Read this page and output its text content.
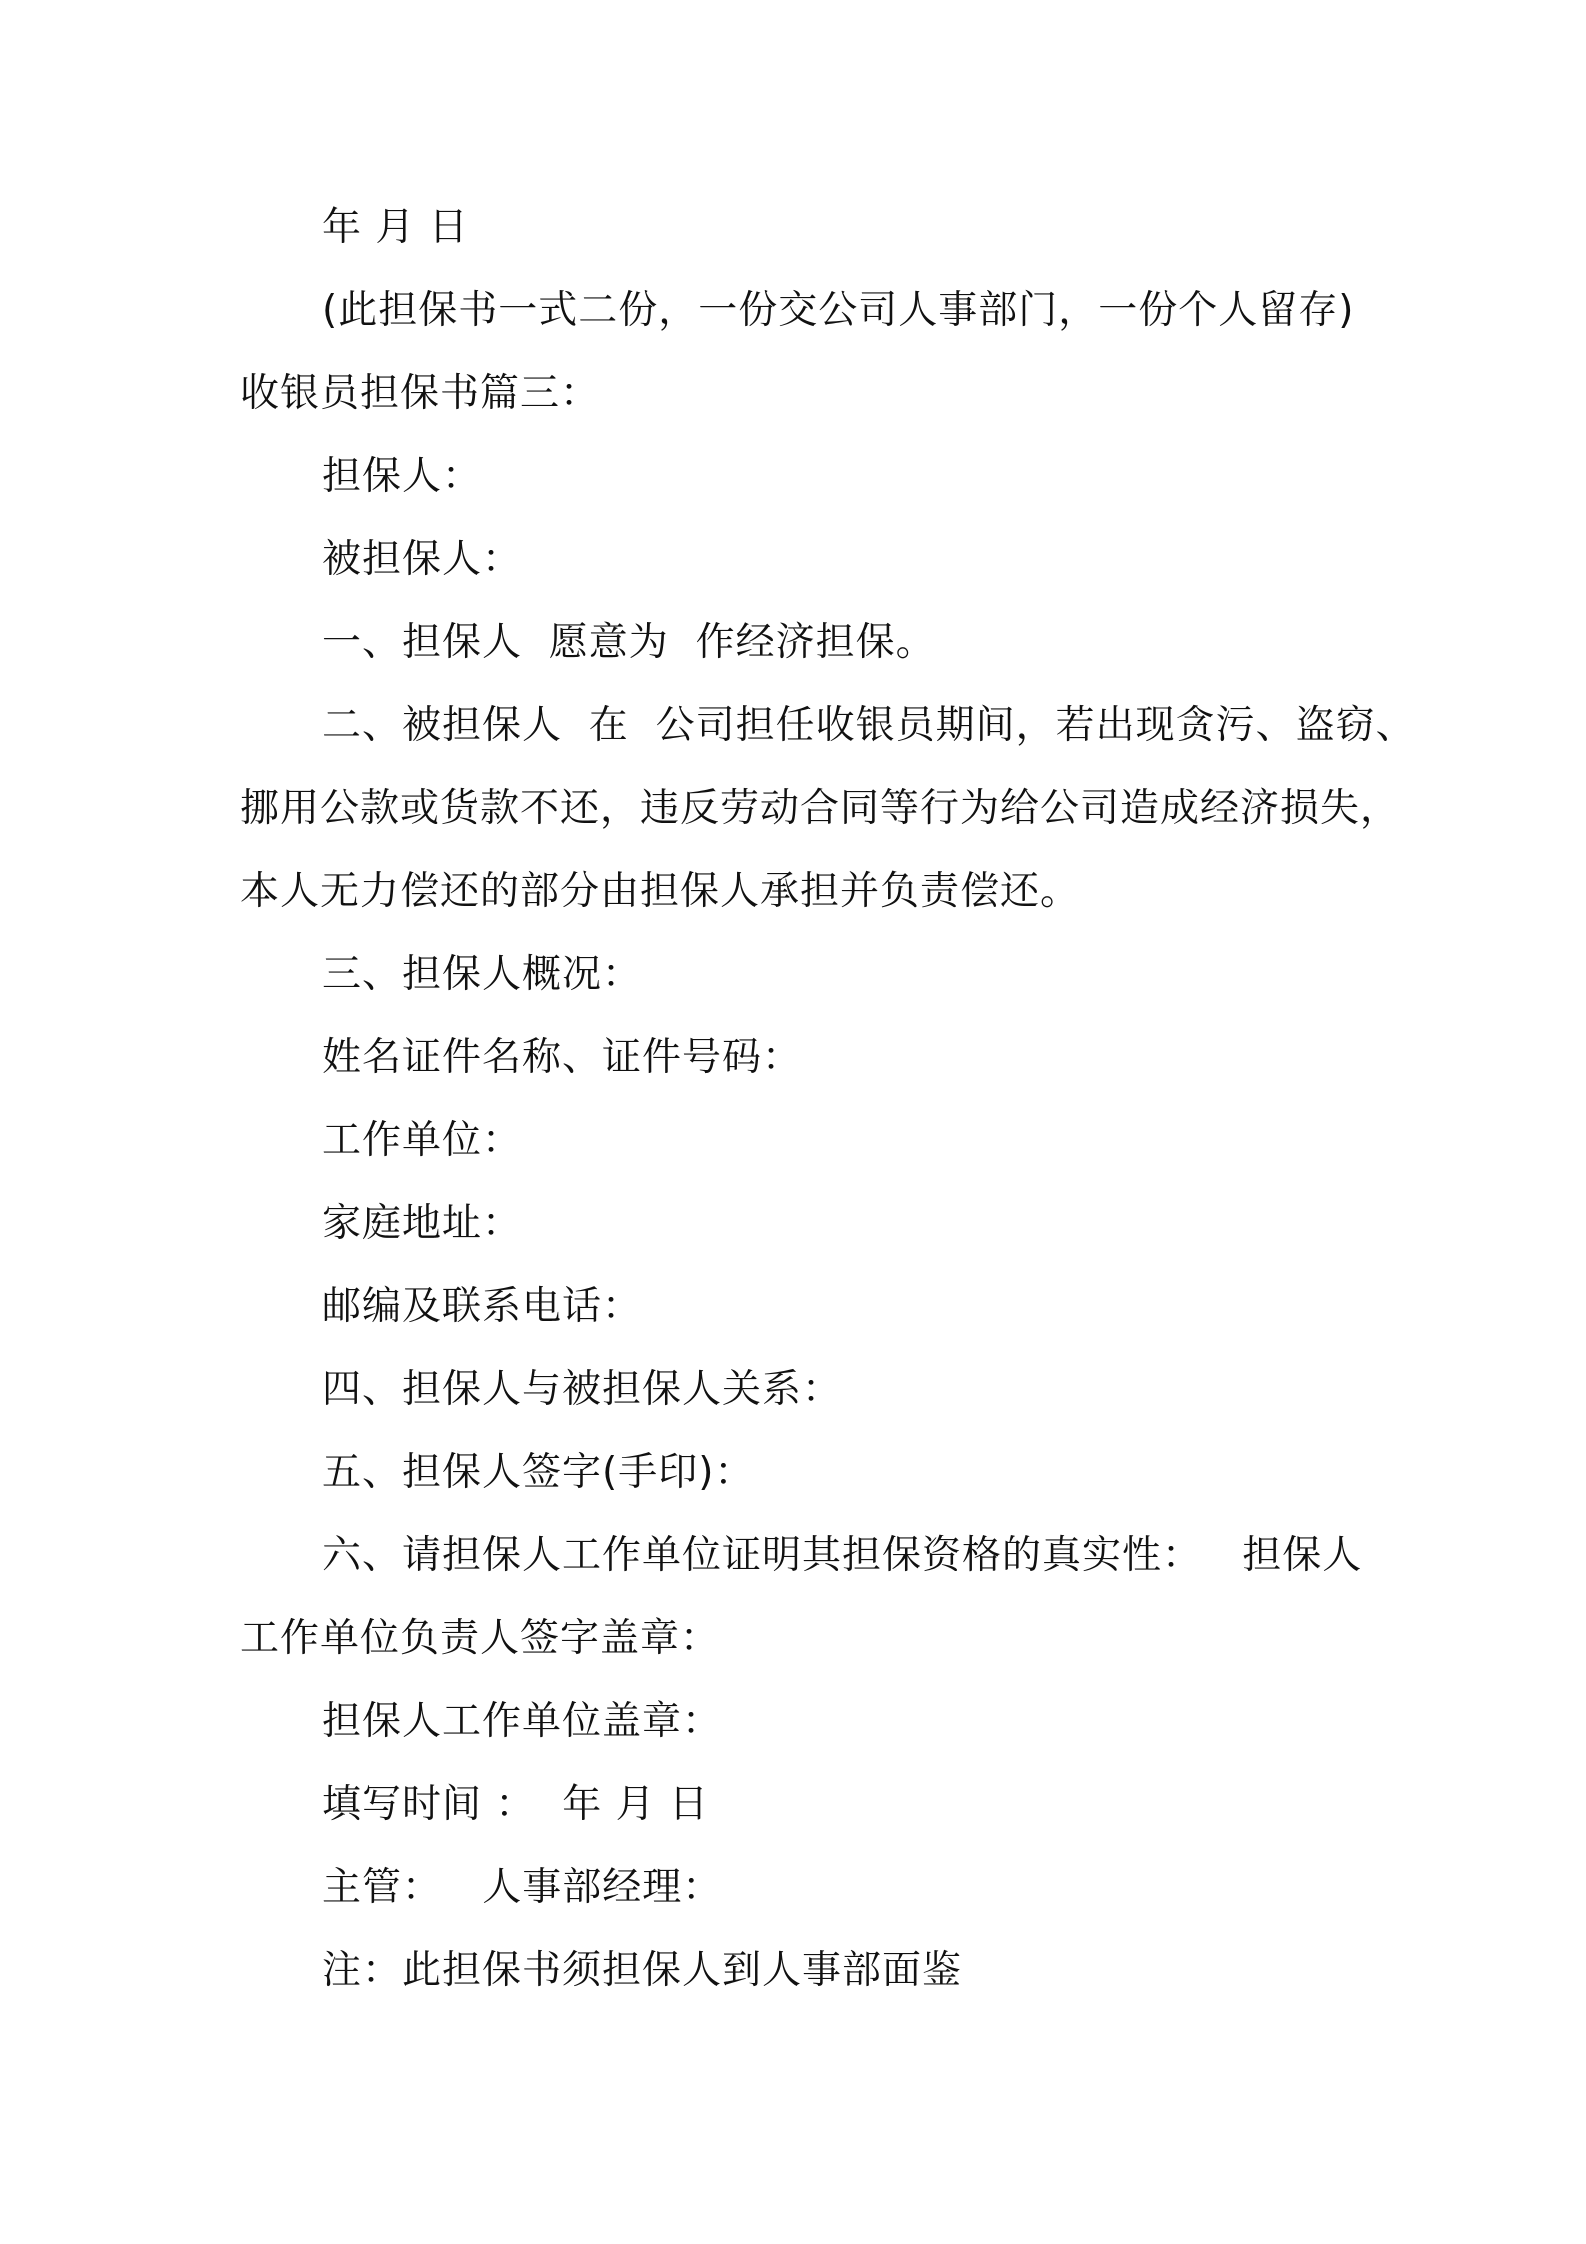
年 月 日
(此担保书一式二份，一份交公司人事部门，一份个人留存)
收银员担保书篇三：
担保人：
被担保人：
一、担保人  愿意为  作经济担保。
二、被担保人  在  公司担任收银员期间，若出现贪污、盗窃、
挪用公款或货款不还，违反劳动合同等行为给公司造成经济损失，
本人无力偿还的部分由担保人承担并负责偿还。
三、担保人概况：
姓名证件名称、证件号码：
工作单位：
家庭地址：
邮编及联系电话：
四、担保人与被担保人关系：
五、担保人签字(手印)：
六、请担保人工作单位证明其担保资格的真实性：   担保人
工作单位负责人签字盖章：
担保人工作单位盖章：
填写时间 ：  年 月 日
主管：   人事部经理：
注：此担保书须担保人到人事部面鉴
